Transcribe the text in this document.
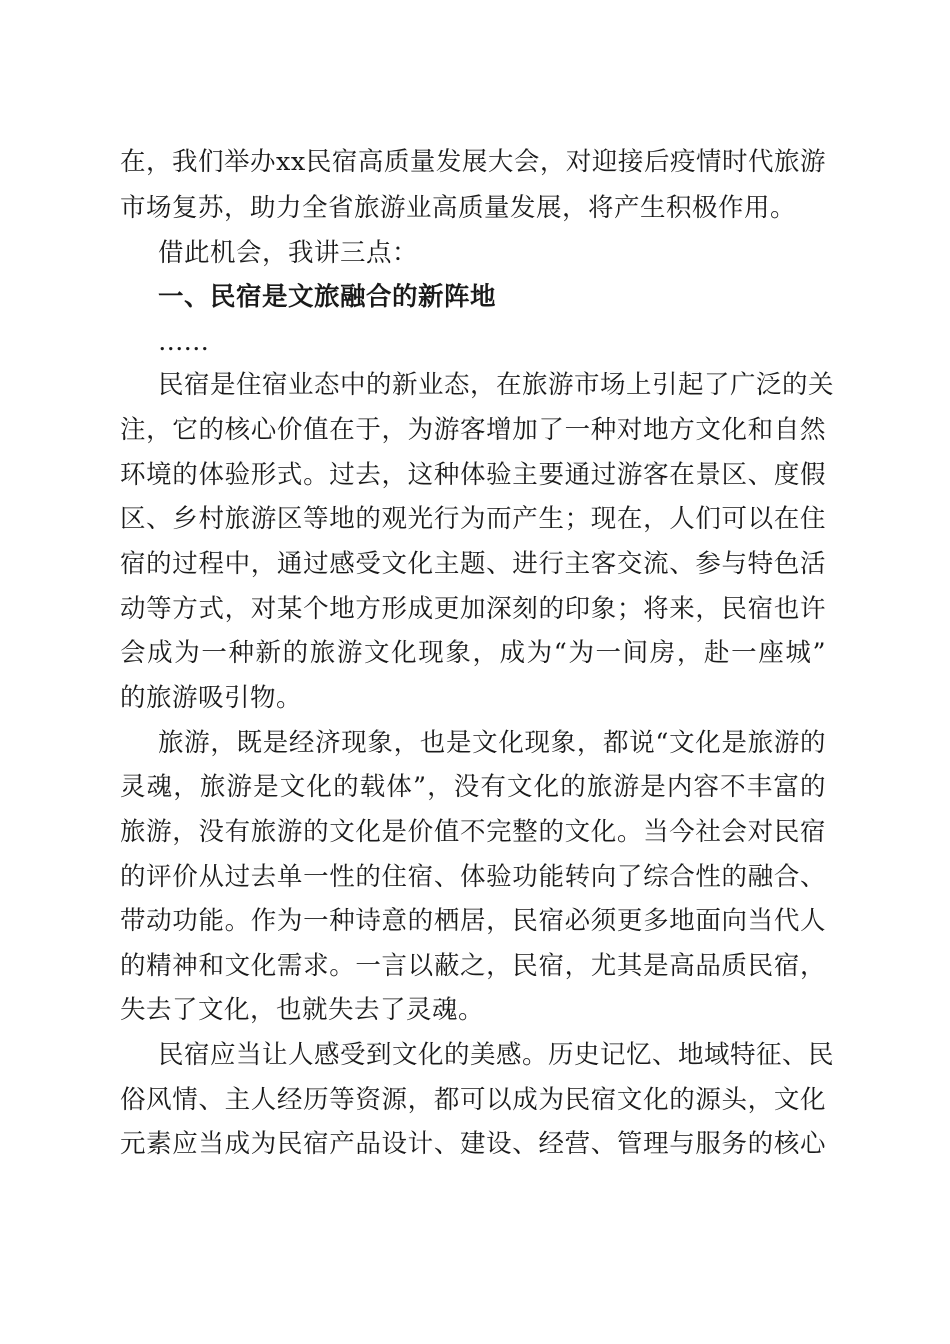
在，我们举办xx民宿高质量发展大会，对迎接后疫情时代旅游
市场复苏，助力全省旅游业高质量发展，将产生积极作用。
借此机会，我讲三点：
一、民宿是文旅融合的新阵地
……
民宿是住宿业态中的新业态，在旅游市场上引起了广泛的关
注，它的核心价值在于，为游客增加了一种对地方文化和自然
环境的体验形式。过去，这种体验主要通过游客在景区、度假
区、乡村旅游区等地的观光行为而产生；现在，人们可以在住
宿的过程中，通过感受文化主题、进行主客交流、参与特色活
动等方式，对某个地方形成更加深刻的印象；将来，民宿也许
会成为一种新的旅游文化现象，成为“为一间房，赴一座城”
的旅游吸引物。
旅游，既是经济现象，也是文化现象，都说“文化是旅游的
灵魂，旅游是文化的载体”，没有文化的旅游是内容不丰富的
旅游，没有旅游的文化是价值不完整的文化。当今社会对民宿
的评价从过去单一性的住宿、体验功能转向了综合性的融合、
带动功能。作为一种诗意的栖居，民宿必须更多地面向当代人
的精神和文化需求。一言以蔽之，民宿，尤其是高品质民宿，
失去了文化，也就失去了灵魂。
民宿应当让人感受到文化的美感。历史记忆、地域特征、民
俗风情、主人经历等资源，都可以成为民宿文化的源头，文化
元素应当成为民宿产品设计、建设、经营、管理与服务的核心
